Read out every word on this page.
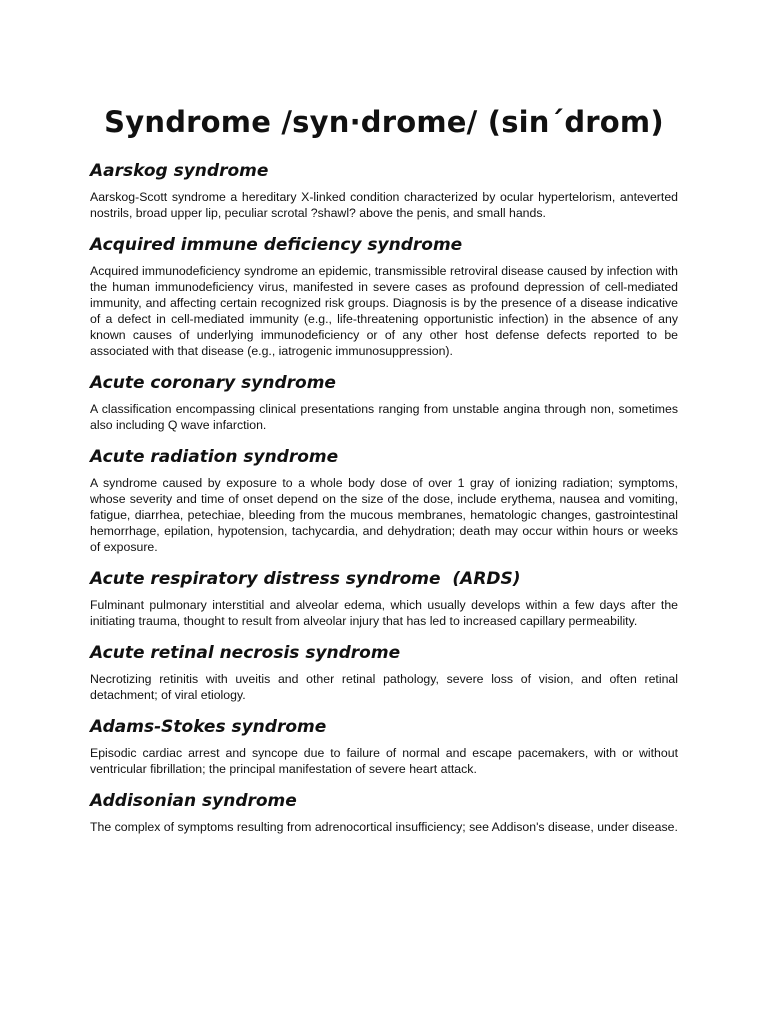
Syndrome /syn·drome/ (sin´drom)
Aarskog syndrome

Aarskog-Scott syndrome a hereditary X-linked condition characterized by ocular hypertelorism, anteverted nostrils, broad upper lip, peculiar scrotal ?shawl? above the penis, and small hands.

Acquired immune deficiency syndrome

Acquired immunodeficiency syndrome an epidemic, transmissible retroviral disease caused by infection with the human immunodeficiency virus, manifested in severe cases as profound depression of cell-mediated immunity, and affecting certain recognized risk groups. Diagnosis is by the presence of a disease indicative of a defect in cell-mediated immunity (e.g., life-threatening opportunistic infection) in the absence of any known causes of underlying immunodeficiency or of any other host defense defects reported to be associated with that disease (e.g., iatrogenic immunosuppression).

Acute coronary syndrome

A classification encompassing clinical presentations ranging from unstable angina through non, sometimes also including Q wave infarction.

Acute radiation syndrome

A syndrome caused by exposure to a whole body dose of over 1 gray of ionizing radiation; symptoms, whose severity and time of onset depend on the size of the dose, include erythema, nausea and vomiting, fatigue, diarrhea, petechiae, bleeding from the mucous membranes, hematologic changes, gastrointestinal hemorrhage, epilation, hypotension, tachycardia, and dehydration; death may occur within hours or weeks of exposure.

Acute respiratory distress syndrome  (ARDS)

Fulminant pulmonary interstitial and alveolar edema, which usually develops within a few days after the initiating trauma, thought to result from alveolar injury that has led to increased capillary permeability.

Acute retinal necrosis syndrome

Necrotizing retinitis with uveitis and other retinal pathology, severe loss of vision, and often retinal detachment; of viral etiology.

Adams-Stokes syndrome

Episodic cardiac arrest and syncope due to failure of normal and escape pacemakers, with or without ventricular fibrillation; the principal manifestation of severe heart attack.

Addisonian syndrome

The complex of symptoms resulting from adrenocortical insufficiency; see Addison's disease, under disease.
